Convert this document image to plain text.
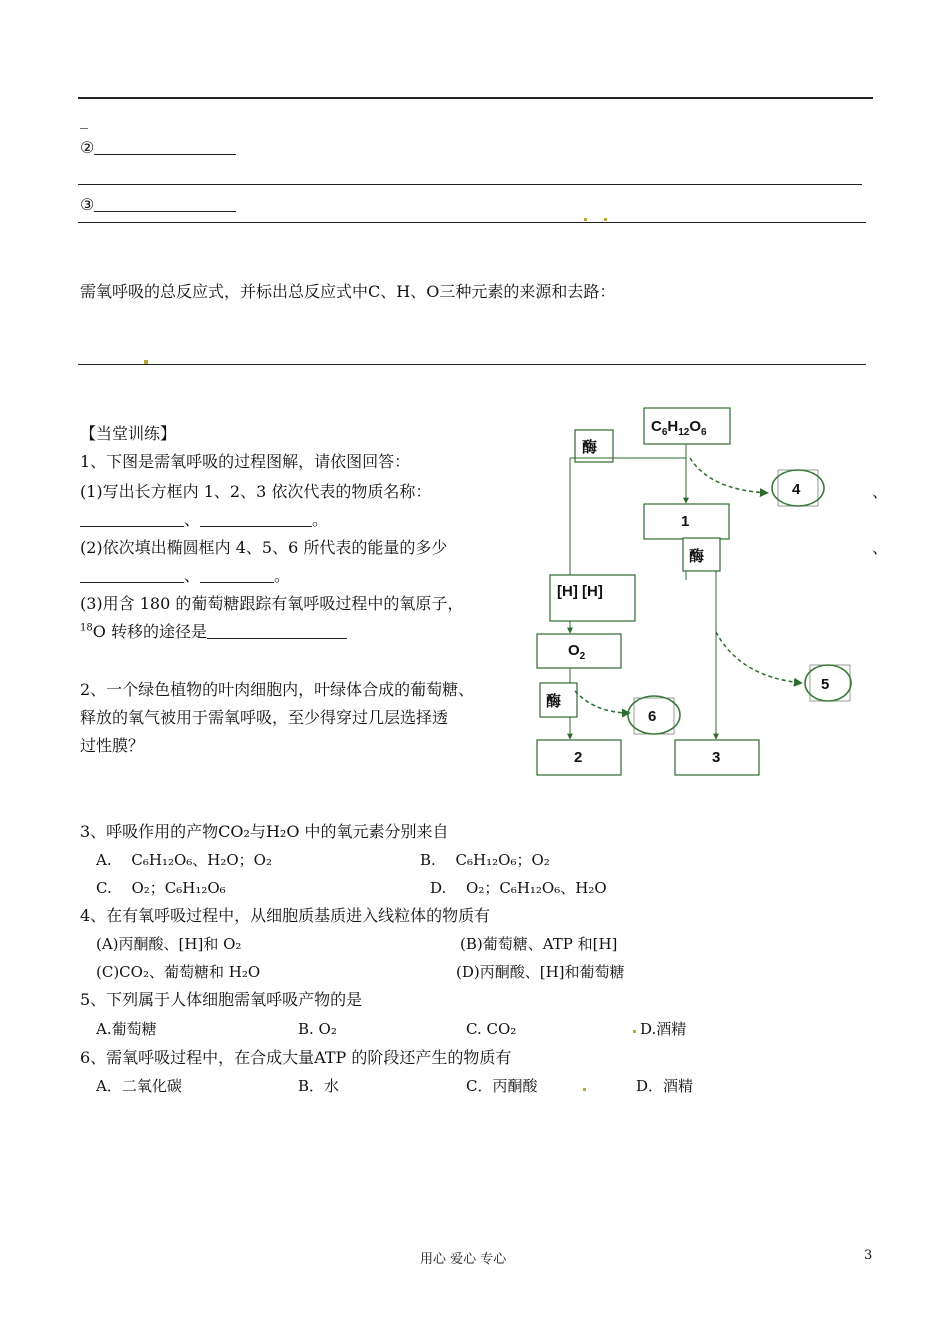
_
②
③
需氧呼吸的总反应式，并标出总反应式中C、H、O三种元素的来源和去路：
【当堂训练】
1、下图是需氧呼吸的过程图解，请依图回答：
(1)写出长方框内 1、2、3 依次代表的物质名称：	、
、	。
(2)依次填出椭圆框内 4、5、6 所代表的能量的多少	、
、	。
(3)用含 180 的葡萄糖跟踪有氧呼吸过程中的氧原子，
$^{18}$O 转移的途径是
2、一个绿色植物的叶肉细胞内，叶绿体合成的葡萄糖、
释放的氧气被用于需氧呼吸，至少得穿过几层选择透
过性膜？
3、呼吸作用的产物CO₂与H₂O 中的氧元素分别来自
A.　 C₆H₁₂O₆、H₂O；O₂	B.　 C₆H₁₂O₆；O₂
C.　 O₂；C₆H₁₂O₆	D.　 O₂；C₆H₁₂O₆、H₂O
4、在有氧呼吸过程中，从细胞质基质进入线粒体的物质有
(A)丙酮酸、[H]和 O₂	(B)葡萄糖、ATP 和[H]
(C)CO₂、葡萄糖和 H₂O	(D)丙酮酸、[H]和葡萄糖
5、下列属于人体细胞需氧呼吸产物的是
A.葡萄糖	B. O₂	C. CO₂	D.酒精
6、需氧呼吸过程中，在合成大量ATP 的阶段还产生的物质有
A．二氧化碳	B．水	C．丙酮酸	D．酒精
$C_6H_{12}O_6$
酶
4
1
酶
[H] [H]
$O_2$
5
酶
6
2	3
用心 爱心 专心	3
